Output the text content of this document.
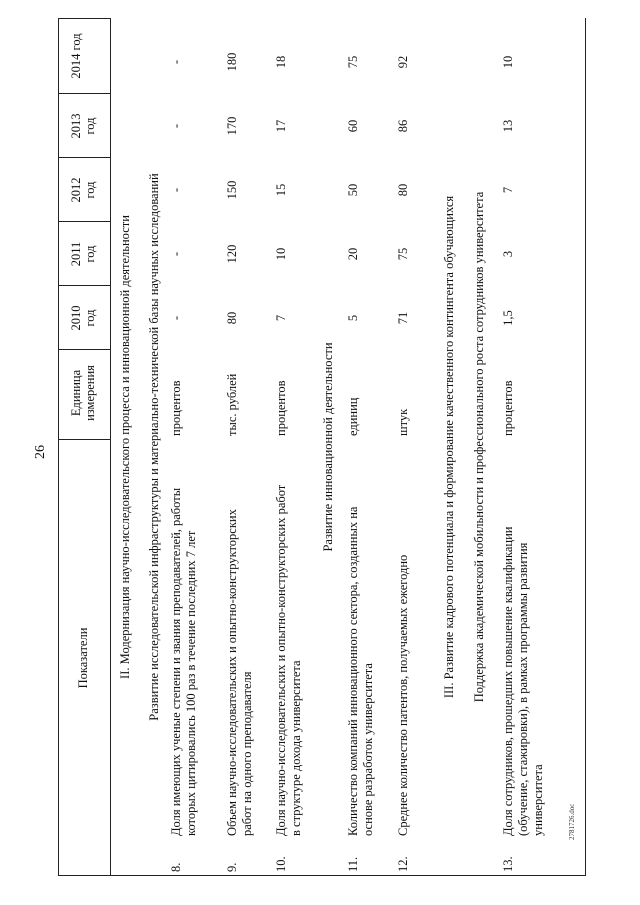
26
2781726.doc
Показатели
Единица измерения
2010 год
2011 год
2012 год
2013 год
2014 год
II. Модернизация научно-исследовательского процесса и инновационной деятельности Развитие исследовательской инфраструктуры и материально-технической базы научных исследований
8.
Доля имеющих ученые степени и звания преподавателей, работы которых цитировались 100 раз в течение последних 7 лет
процентов
-
-
-
-
-
9.
Объем научно-исследовательских и опытно-конструкторских работ на одного преподавателя
тыс. рублей
80
120
150
170
180
10.
Доля научно-исследовательских и опытно-конструкторских работ в структуре дохода университета
процентов
7
10
15
17
18
Развитие инновационной деятельности
11.
Количество компаний инновационного сектора, созданных на основе разработок университета
единиц
5
20
50
60
75
12.
Среднее количество патентов, получаемых ежегодно
штук
71
75
80
86
92
III. Развитие кадрового потенциала и формирование качественного контингента обучающихся Поддержка академической мобильности и профессионального роста сотрудников университета
13.
Доля сотрудников, прошедших повышение квалификации (обучение, стажировки), в рамках программы развития университета
процентов
1,5
3
7
13
10
